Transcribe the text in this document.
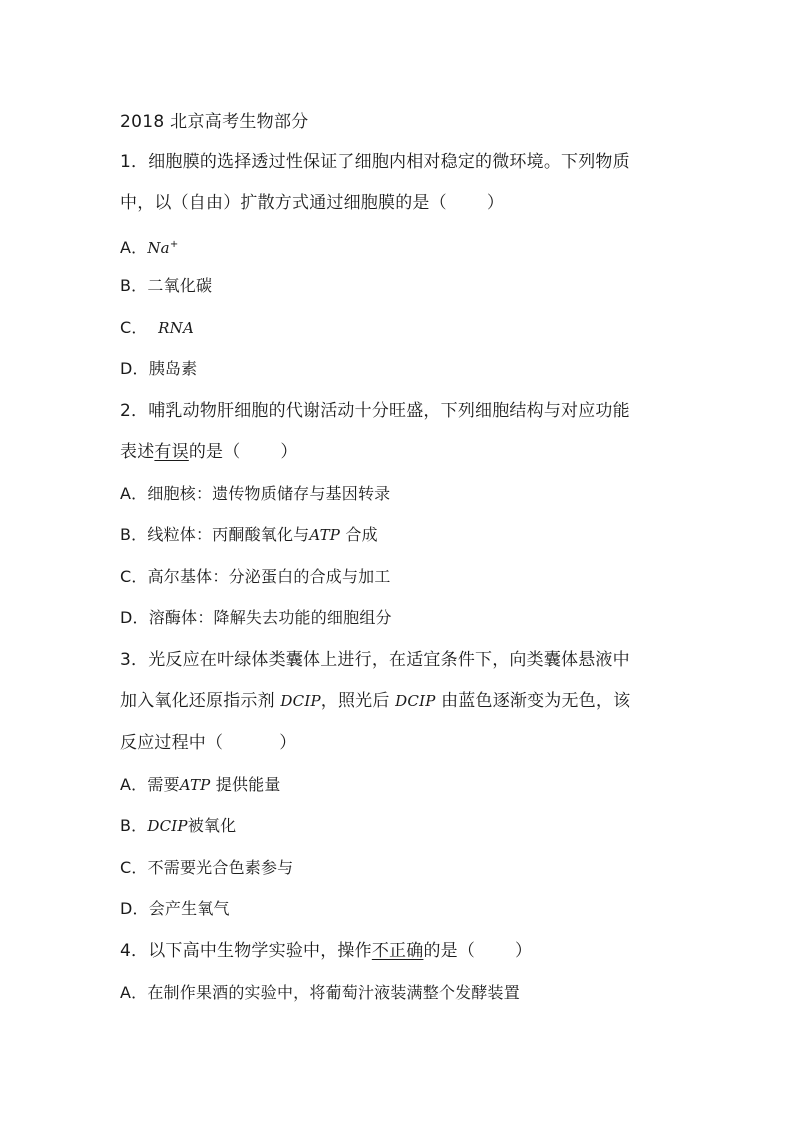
2018 北京高考生物部分
1．细胞膜的选择透过性保证了细胞内相对稳定的微环境。下列物质
中，以（自由）扩散方式通过细胞膜的是（ ）
A．Na+
B．二氧化碳
C． RNA
D．胰岛素
2．哺乳动物肝细胞的代谢活动十分旺盛，下列细胞结构与对应功能
表述有误的是（ ）
A．细胞核：遗传物质储存与基因转录
B．线粒体：丙酮酸氧化与ATP 合成
C．高尔基体：分泌蛋白的合成与加工
D．溶酶体：降解失去功能的细胞组分
3．光反应在叶绿体类囊体上进行，在适宜条件下，向类囊体悬液中
加入氧化还原指示剂 DCIP，照光后 DCIP 由蓝色逐渐变为无色，该
反应过程中（	）
A．需要ATP 提供能量
B．DCIP被氧化
C．不需要光合色素参与
D．会产生氧气
4．以下高中生物学实验中，操作不正确的是（ ）
A．在制作果酒的实验中，将葡萄汁液装满整个发酵装置
